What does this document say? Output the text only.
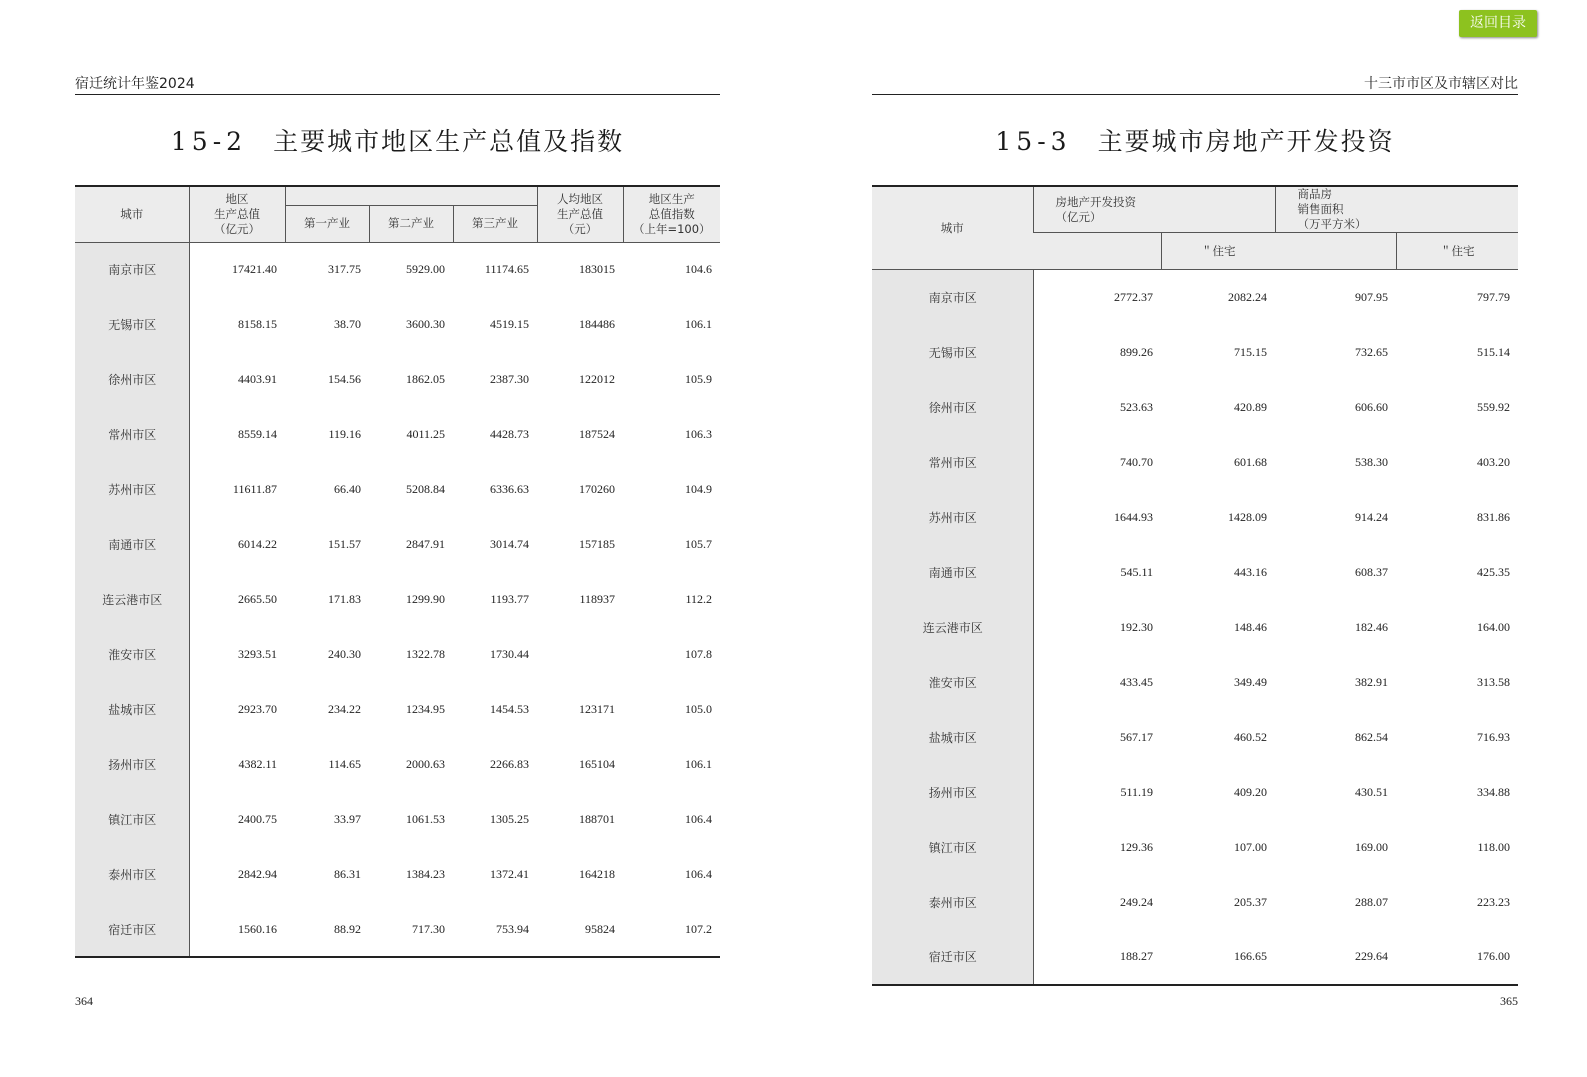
返回目录
宿迁统计年鉴2024
15-2 主要城市地区生产总值及指数
城市	地区
生产总值
（亿元）				人均地区
生产总值
（元）	地区生产
总值指数
（上年=100）
		第一产业	第二产业	第三产业		
南京市区	17421.40	317.75	5929.00	11174.65	183015	104.6
无锡市区	8158.15	38.70	3600.30	4519.15	184486	106.1
徐州市区	4403.91	154.56	1862.05	2387.30	122012	105.9
常州市区	8559.14	119.16	4011.25	4428.73	187524	106.3
苏州市区	11611.87	66.40	5208.84	6336.63	170260	104.9
南通市区	6014.22	151.57	2847.91	3014.74	157185	105.7
连云港市区	2665.50	171.83	1299.90	1193.77	118937	112.2
淮安市区	3293.51	240.30	1322.78	1730.44		107.8
盐城市区	2923.70	234.22	1234.95	1454.53	123171	105.0
扬州市区	4382.11	114.65	2000.63	2266.83	165104	106.1
镇江市区	2400.75	33.97	1061.53	1305.25	188701	106.4
泰州市区	2842.94	86.31	1384.23	1372.41	164218	106.4
宿迁市区	1560.16	88.92	717.30	753.94	95824	107.2
364
十三市市区及市辖区对比
15-3 主要城市房地产开发投资
城市	房地产开发投资
（亿元）		商品房
销售面积
（万平方米）	
		＂住宅		＂住宅
南京市区	2772.37	2082.24	907.95	797.79
无锡市区	899.26	715.15	732.65	515.14
徐州市区	523.63	420.89	606.60	559.92
常州市区	740.70	601.68	538.30	403.20
苏州市区	1644.93	1428.09	914.24	831.86
南通市区	545.11	443.16	608.37	425.35
连云港市区	192.30	148.46	182.46	164.00
淮安市区	433.45	349.49	382.91	313.58
盐城市区	567.17	460.52	862.54	716.93
扬州市区	511.19	409.20	430.51	334.88
镇江市区	129.36	107.00	169.00	118.00
泰州市区	249.24	205.37	288.07	223.23
宿迁市区	188.27	166.65	229.64	176.00
365
